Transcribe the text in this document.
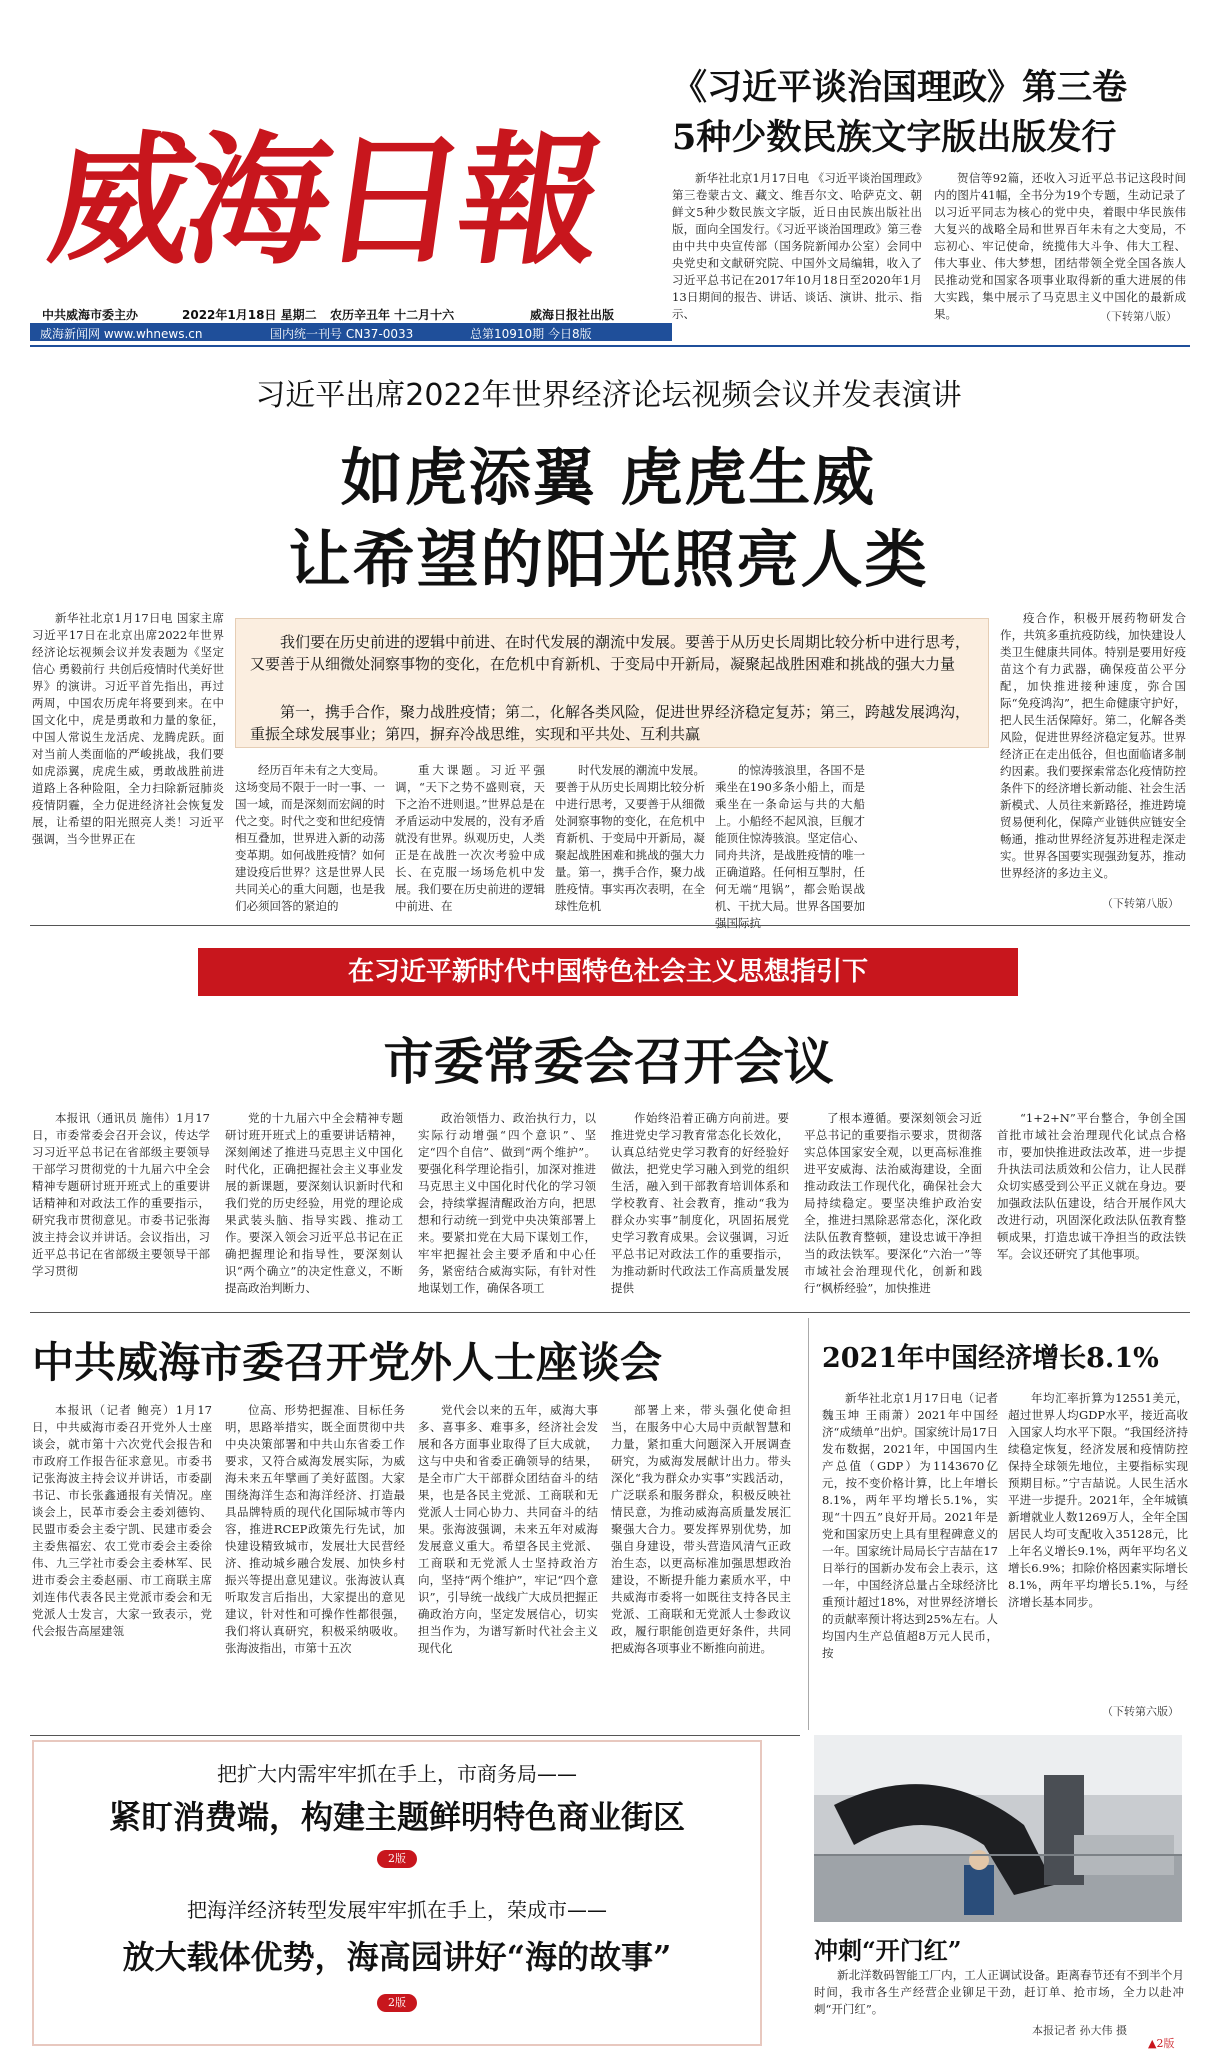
威海日報
中共威海市委主办	2022年1月18日 星期二 农历辛丑年 十二月十六	威海日报社出版
威海新闻网 www.whnews.cn	国内统一刊号 CN37-0033	总第10910期 今日8版
《习近平谈治国理政》第三卷
5种少数民族文字版出版发行

新华社北京1月17日电 《习近平谈治国理政》第三卷蒙古文、藏文、维吾尔文、哈萨克文、朝鲜文5种少数民族文字版，近日由民族出版社出版，面向全国发行。《习近平谈治国理政》第三卷由中共中央宣传部（国务院新闻办公室）会同中央党史和文献研究院、中国外文局编辑，收入了习近平总书记在2017年10月18日至2020年1月13日期间的报告、讲话、谈话、演讲、批示、指示、

贺信等92篇，还收入习近平总书记这段时间内的图片41幅，全书分为19个专题，生动记录了以习近平同志为核心的党中央，着眼中华民族伟大复兴的战略全局和世界百年未有之大变局，不忘初心、牢记使命，统揽伟大斗争、伟大工程、伟大事业、伟大梦想，团结带领全党全国各族人民推动党和国家各项事业取得新的重大进展的伟大实践，集中展示了马克思主义中国化的最新成果。	（下转第八版）
习近平出席2022年世界经济论坛视频会议并发表演讲
如虎添翼 虎虎生威
让希望的阳光照亮人类
我们要在历史前进的逻辑中前进、在时代发展的潮流中发展。要善于从历史长周期比较分析中进行思考，又要善于从细微处洞察事物的变化，在危机中育新机、于变局中开新局，凝聚起战胜困难和挑战的强大力量
第一，携手合作，聚力战胜疫情；第二，化解各类风险，促进世界经济稳定复苏；第三，跨越发展鸿沟，重振全球发展事业；第四，摒弃冷战思维，实现和平共处、互利共赢

新华社北京1月17日电 国家主席习近平17日在北京出席2022年世界经济论坛视频会议并发表题为《坚定信心 勇毅前行 共创后疫情时代美好世界》的演讲。习近平首先指出，再过两周，中国农历虎年将要到来。在中国文化中，虎是勇敢和力量的象征，中国人常说生龙活虎、龙腾虎跃。面对当前人类面临的严峻挑战，我们要如虎添翼，虎虎生威，勇敢战胜前进道路上各种险阻，全力扫除新冠肺炎疫情阴霾，全力促进经济社会恢复发展，让希望的阳光照亮人类！习近平强调，当今世界正在

经历百年未有之大变局。这场变局不限于一时一事、一国一域，而是深刻而宏阔的时代之变。时代之变和世纪疫情相互叠加，世界进入新的动荡变革期。如何战胜疫情？如何建设疫后世界？这是世界人民共同关心的重大问题，也是我们必须回答的紧迫的

重大课题。习近平强调，“天下之势不盛则衰，天下之治不进则退。”世界总是在矛盾运动中发展的，没有矛盾就没有世界。纵观历史，人类正是在战胜一次次考验中成长、在克服一场场危机中发展。我们要在历史前进的逻辑中前进、在

时代发展的潮流中发展。要善于从历史长周期比较分析中进行思考，又要善于从细微处洞察事物的变化，在危机中育新机、于变局中开新局，凝聚起战胜困难和挑战的强大力量。第一，携手合作，聚力战胜疫情。事实再次表明，在全球性危机

的惊涛骇浪里，各国不是乘坐在190多条小船上，而是乘坐在一条命运与共的大船上。小船经不起风浪，巨舰才能顶住惊涛骇浪。坚定信心、同舟共济，是战胜疫情的唯一正确道路。任何相互掣肘，任何无端“甩锅”，都会贻误战机、干扰大局。世界各国要加强国际抗

疫合作，积极开展药物研发合作，共筑多重抗疫防线，加快建设人类卫生健康共同体。特别是要用好疫苗这个有力武器，确保疫苗公平分配，加快推进接种速度，弥合国际“免疫鸿沟”，把生命健康守护好，把人民生活保障好。第二，化解各类风险，促进世界经济稳定复苏。世界经济正在走出低谷，但也面临诸多制约因素。我们要探索常态化疫情防控条件下的经济增长新动能、社会生活新模式、人员往来新路径，推进跨境贸易便利化，保障产业链供应链安全畅通，推动世界经济复苏进程走深走实。世界各国要实现强劲复苏，推动世界经济的多边主义。

（下转第八版）
在习近平新时代中国特色社会主义思想指引下
市委常委会召开会议

本报讯（通讯员 施伟）1月17日，市委常委会召开会议，传达学习习近平总书记在省部级主要领导干部学习贯彻党的十九届六中全会精神专题研讨班开班式上的重要讲话精神和对政法工作的重要指示，研究我市贯彻意见。市委书记张海波主持会议并讲话。会议指出，习近平总书记在省部级主要领导干部学习贯彻

党的十九届六中全会精神专题研讨班开班式上的重要讲话精神，深刻阐述了推进马克思主义中国化时代化，正确把握社会主义事业发展的新课题，要深刻认识新时代和我们党的历史经验，用党的理论成果武装头脑、指导实践、推动工作。要深入领会习近平总书记在正确把握理论和指导性，要深刻认识“两个确立”的决定性意义，不断提高政治判断力、

政治领悟力、政治执行力，以实际行动增强“四个意识”、坚定“四个自信”、做到“两个维护”。要强化科学理论指引，加深对推进马克思主义中国化时代化的学习领会，持续掌握清醒政治方向，把思想和行动统一到党中央决策部署上来。要紧扣党在大局下谋划工作，牢牢把握社会主要矛盾和中心任务，紧密结合威海实际，有针对性地谋划工作，确保各项工

作始终沿着正确方向前进。要推进党史学习教育常态化长效化，认真总结党史学习教育的好经验好做法，把党史学习融入到党的组织生活，融入到干部教育培训体系和学校教育、社会教育，推动“我为群众办实事”制度化，巩固拓展党史学习教育成果。会议强调，习近平总书记对政法工作的重要指示，为推动新时代政法工作高质量发展提供

了根本遵循。要深刻领会习近平总书记的重要指示要求，贯彻落实总体国家安全观，以更高标准推进平安威海、法治威海建设，全面推动政法工作现代化，确保社会大局持续稳定。要坚决维护政治安全，推进扫黑除恶常态化，深化政法队伍教育整顿，建设忠诚干净担当的政法铁军。要深化“六治一”等市域社会治理现代化，创新和践行“枫桥经验”，加快推进

“1+2+N”平台整合，争创全国首批市域社会治理现代化试点合格市，要加快推进政法改革，进一步提升执法司法质效和公信力，让人民群众切实感受到公平正义就在身边。要加强政法队伍建设，结合开展作风大改进行动，巩固深化政法队伍教育整顿成果，打造忠诚干净担当的政法铁军。会议还研究了其他事项。

中共威海市委召开党外人士座谈会

本报讯（记者 鲍亮）1月17日，中共威海市委召开党外人士座谈会，就市第十六次党代会报告和市政府工作报告征求意见。市委书记张海波主持会议并讲话，市委副书记、市长张鑫通报有关情况。座谈会上，民革市委会主委刘德钧、民盟市委会主委宁凯、民建市委会主委焦福宏、农工党市委会主委徐伟、九三学社市委会主委林军、民进市委会主委赵丽、市工商联主席刘连伟代表各民主党派市委会和无党派人士发言，大家一致表示，党代会报告高屋建瓴

位高、形势把握准、目标任务明，思路举措实，既全面贯彻中共中央决策部署和中共山东省委工作要求，又符合威海发展实际，为威海未来五年擘画了美好蓝图。大家围绕海洋生态和海洋经济、打造最具品牌特质的现代化国际城市等内容，推进RCEP政策先行先试，加快建设精致城市，发展壮大民营经济、推动城乡融合发展、加快乡村振兴等提出意见建议。张海波认真听取发言后指出，大家提出的意见建议，针对性和可操作性都很强，我们将认真研究，积极采纳吸收。张海波指出，市第十五次

党代会以来的五年，威海大事多、喜事多、难事多，经济社会发展和各方面事业取得了巨大成就，这与中央和省委正确领导的结果，是全市广大干部群众团结奋斗的结果，也是各民主党派、工商联和无党派人士同心协力、共同奋斗的结果。张海波强调，未来五年对威海发展意义重大。希望各民主党派、工商联和无党派人士坚持政治方向，坚持“两个维护”，牢记“四个意识”，引导统一战线广大成员把握正确政治方向，坚定发展信心，切实担当作为，为谱写新时代社会主义现代化

部署上来，带头强化使命担当，在服务中心大局中贡献智慧和力量，紧扣重大问题深入开展调查研究，为威海发展献计出力。带头深化“我为群众办实事”实践活动，广泛联系和服务群众，积极反映社情民意，为推动威海高质量发展汇聚强大合力。要发挥界别优势，加强自身建设，带头营造风清气正政治生态，以更高标准加强思想政治建设，不断提升能力素质水平，中共威海市委将一如既往支持各民主党派、工商联和无党派人士参政议政，履行职能创造更好条件，共同把威海各项事业不断推向前进。

2021年中国经济增长8.1%

新华社北京1月17日电（记者 魏玉坤 王雨萧）2021年中国经济“成绩单”出炉。国家统计局17日发布数据，2021年，中国国内生产总值（GDP）为1143670亿元，按不变价格计算，比上年增长8.1%，两年平均增长5.1%，实现“十四五”良好开局。2021年是党和国家历史上具有里程碑意义的一年。国家统计局局长宁吉喆在17日举行的国新办发布会上表示，这一年，中国经济总量占全球经济比重预计超过18%，对世界经济增长的贡献率预计将达到25%左右。人均国内生产总值超8万元人民币，按

年均汇率折算为12551美元，超过世界人均GDP水平，接近高收入国家人均水平下限。“我国经济持续稳定恢复，经济发展和疫情防控保持全球领先地位，主要指标实现预期目标。”宁吉喆说。人民生活水平进一步提升。2021年，全年城镇新增就业人数1269万人，全年全国居民人均可支配收入35128元，比上年名义增长9.1%，两年平均名义增长6.9%；扣除价格因素实际增长8.1%，两年平均增长5.1%，与经济增长基本同步。

（下转第六版）
把扩大内需牢牢抓在手上，市商务局——
紧盯消费端，构建主题鲜明特色商业街区
2版
把海洋经济转型发展牢牢抓在手上，荣成市——
放大载体优势，海高园讲好“海的故事”
2版
冲刺“开门红”

新北洋数码智能工厂内，工人正调试设备。距离春节还有不到半个月时间，我市各生产经营企业铆足干劲，赶订单、抢市场，全力以赴冲刺“开门红”。

本报记者 孙大伟 摄
▲2版
